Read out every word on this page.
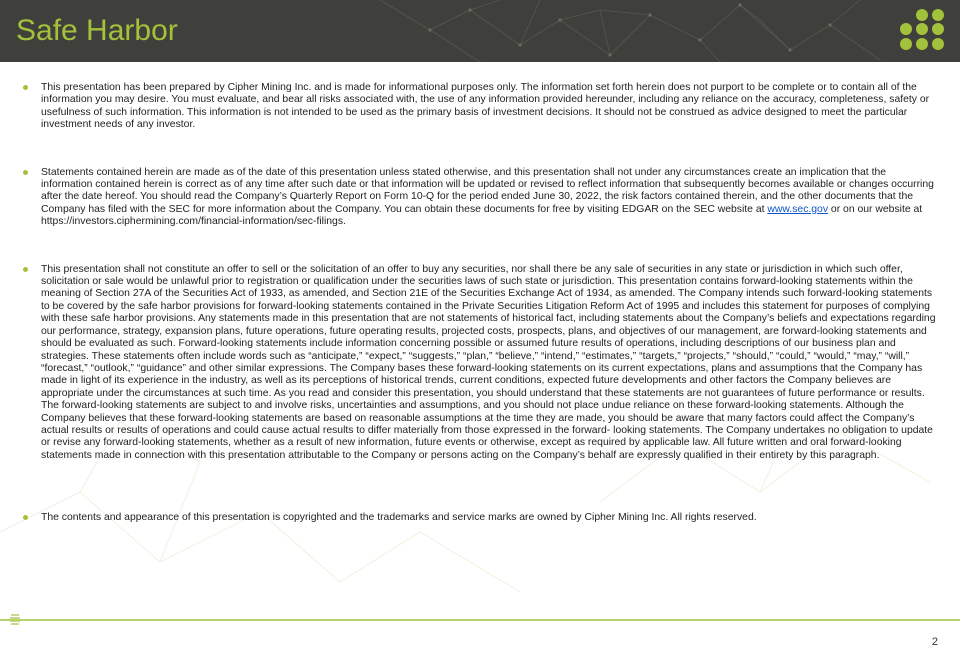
Safe Harbor
This presentation has been prepared by Cipher Mining Inc. and is made for informational purposes only. The information set forth herein does not purport to be complete or to contain all of the information you may desire. You must evaluate, and bear all risks associated with, the use of any information provided hereunder, including any reliance on the accuracy, completeness, safety or usefulness of such information. This information is not intended to be used as the primary basis of investment decisions. It should not be construed as advice designed to meet the particular investment needs of any investor.
Statements contained herein are made as of the date of this presentation unless stated otherwise, and this presentation shall not under any circumstances create an implication that the information contained herein is correct as of any time after such date or that information will be updated or revised to reflect information that subsequently becomes available or changes occurring after the date hereof. You should read the Company’s Quarterly Report on Form 10-Q for the period ended June 30, 2022, the risk factors contained therein, and the other documents that the Company has filed with the SEC for more information about the Company. You can obtain these documents for free by visiting EDGAR on the SEC website at www.sec.gov or on our website at https://investors.ciphermining.com/financial-information/sec-filings.
This presentation shall not constitute an offer to sell or the solicitation of an offer to buy any securities, nor shall there be any sale of securities in any state or jurisdiction in which such offer, solicitation or sale would be unlawful prior to registration or qualification under the securities laws of such state or jurisdiction. This presentation contains forward-looking statements within the meaning of Section 27A of the Securities Act of 1933, as amended, and Section 21E of the Securities Exchange Act of 1934, as amended. The Company intends such forward-looking statements to be covered by the safe harbor provisions for forward-looking statements contained in the Private Securities Litigation Reform Act of 1995 and includes this statement for purposes of complying with these safe harbor provisions. Any statements made in this presentation that are not statements of historical fact, including statements about the Company’s beliefs and expectations regarding our performance, strategy, expansion plans, future operations, future operating results, projected costs, prospects, plans, and objectives of our management, are forward-looking statements and should be evaluated as such. Forward-looking statements include information concerning possible or assumed future results of operations, including descriptions of our business plan and strategies. These statements often include words such as “anticipate,” “expect,” “suggests,” “plan,” “believe,” “intend,” “estimates,” “targets,” “projects,” “should,” “could,” “would,” “may,” “will,” “forecast,” “outlook,” “guidance” and other similar expressions. The Company bases these forward-looking statements on its current expectations, plans and assumptions that the Company has made in light of its experience in the industry, as well as its perceptions of historical trends, current conditions, expected future developments and other factors the Company believes are appropriate under the circumstances at such time. As you read and consider this presentation, you should understand that these statements are not guarantees of future performance or results. The forward-looking statements are subject to and involve risks, uncertainties and assumptions, and you should not place undue reliance on these forward-looking statements. Although the Company believes that these forward-looking statements are based on reasonable assumptions at the time they are made, you should be aware that many factors could affect the Company’s actual results or results of operations and could cause actual results to differ materially from those expressed in the forward- looking statements. The Company undertakes no obligation to update or revise any forward-looking statements, whether as a result of new information, future events or otherwise, except as required by applicable law. All future written and oral forward-looking statements made in connection with this presentation attributable to the Company or persons acting on the Company’s behalf are expressly qualified in their entirety by this paragraph.
The contents and appearance of this presentation is copyrighted and the trademarks and service marks are owned by Cipher Mining Inc. All rights reserved.
2
